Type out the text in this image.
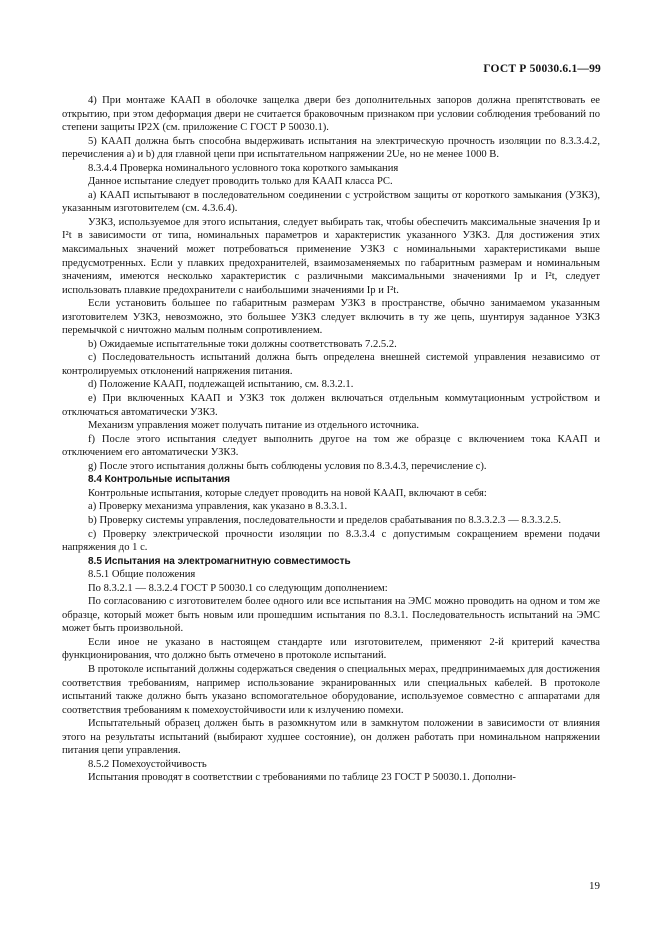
ГОСТ Р 50030.6.1—99

4) При монтаже КААП в оболочке защелка двери без дополнительных запоров должна препятствовать ее открытию, при этом деформация двери не считается браковочным признаком при условии соблюдения требований по степени защиты IP2X (см. приложение С ГОСТ Р 50030.1).

5) КААП должна быть способна выдерживать испытания на электрическую прочность изоляции по 8.3.3.4.2, перечисления a) и b) для главной цепи при испытательном напряжении 2Uе, но не менее 1000 В.

8.3.4.4 Проверка номинального условного тока короткого замыкания

Данное испытание следует проводить только для КААП класса PC.

a) КААП испытывают в последовательном соединении с устройством защиты от короткого замыкания (УЗКЗ), указанным изготовителем (см. 4.3.6.4).

УЗКЗ, используемое для этого испытания, следует выбирать так, чтобы обеспечить максимальные значения Iр и I²t в зависимости от типа, номинальных параметров и характеристик указанного УЗКЗ. Для достижения этих максимальных значений может потребоваться применение УЗКЗ с номинальными характеристиками выше предусмотренных. Если у плавких предохранителей, взаимозаменяемых по габаритным размерам и номинальным значениям, имеются несколько характеристик с различными максимальными значениями Iр и I²t, следует использовать плавкие предохранители с наибольшими значениями Iр и I²t.

Если установить большее по габаритным размерам УЗКЗ в пространстве, обычно занимаемом указанным изготовителем УЗКЗ, невозможно, это большее УЗКЗ следует включить в ту же цепь, шунтируя заданное УЗКЗ перемычкой с ничтожно малым полным сопротивлением.

b) Ожидаемые испытательные токи должны соответствовать 7.2.5.2.

c) Последовательность испытаний должна быть определена внешней системой управления независимо от контролируемых отклонений напряжения питания.

d) Положение КААП, подлежащей испытанию, см. 8.3.2.1.

e) При включенных КААП и УЗКЗ ток должен включаться отдельным коммутационным устройством и отключаться автоматически УЗКЗ.

Механизм управления может получать питание из отдельного источника.

f) После этого испытания следует выполнить другое на том же образце с включением тока КААП и отключением его автоматически УЗКЗ.

g) После этого испытания должны быть соблюдены условия по 8.3.4.3, перечисление c).

8.4 Контрольные испытания

Контрольные испытания, которые следует проводить на новой КААП, включают в себя:

a) Проверку механизма управления, как указано в 8.3.3.1.

b) Проверку системы управления, последовательности и пределов срабатывания по 8.3.3.2.3 — 8.3.3.2.5.

c) Проверку электрической прочности изоляции по 8.3.3.4 с допустимым сокращением времени подачи напряжения до 1 с.

8.5 Испытания на электромагнитную совместимость

8.5.1 Общие положения

По 8.3.2.1 — 8.3.2.4 ГОСТ Р 50030.1 со следующим дополнением:

По согласованию с изготовителем более одного или все испытания на ЭМС можно проводить на одном и том же образце, который может быть новым или прошедшим испытания по 8.3.1. Последовательность испытаний на ЭМС может быть произвольной.

Если иное не указано в настоящем стандарте или изготовителем, применяют 2-й критерий качества функционирования, что должно быть отмечено в протоколе испытаний.

В протоколе испытаний должны содержаться сведения о специальных мерах, предпринимаемых для достижения соответствия требованиям, например использование экранированных или специальных кабелей. В протоколе испытаний также должно быть указано вспомогательное оборудование, используемое совместно с аппаратами для соответствия требованиям к помехоустойчивости или к излучению помехи.

Испытательный образец должен быть в разомкнутом или в замкнутом положении в зависимости от влияния этого на результаты испытаний (выбирают худшее состояние), он должен работать при номинальном напряжении питания цепи управления.

8.5.2 Помехоустойчивость

Испытания проводят в соответствии с требованиями по таблице 23 ГОСТ Р 50030.1. Дополни-

19
